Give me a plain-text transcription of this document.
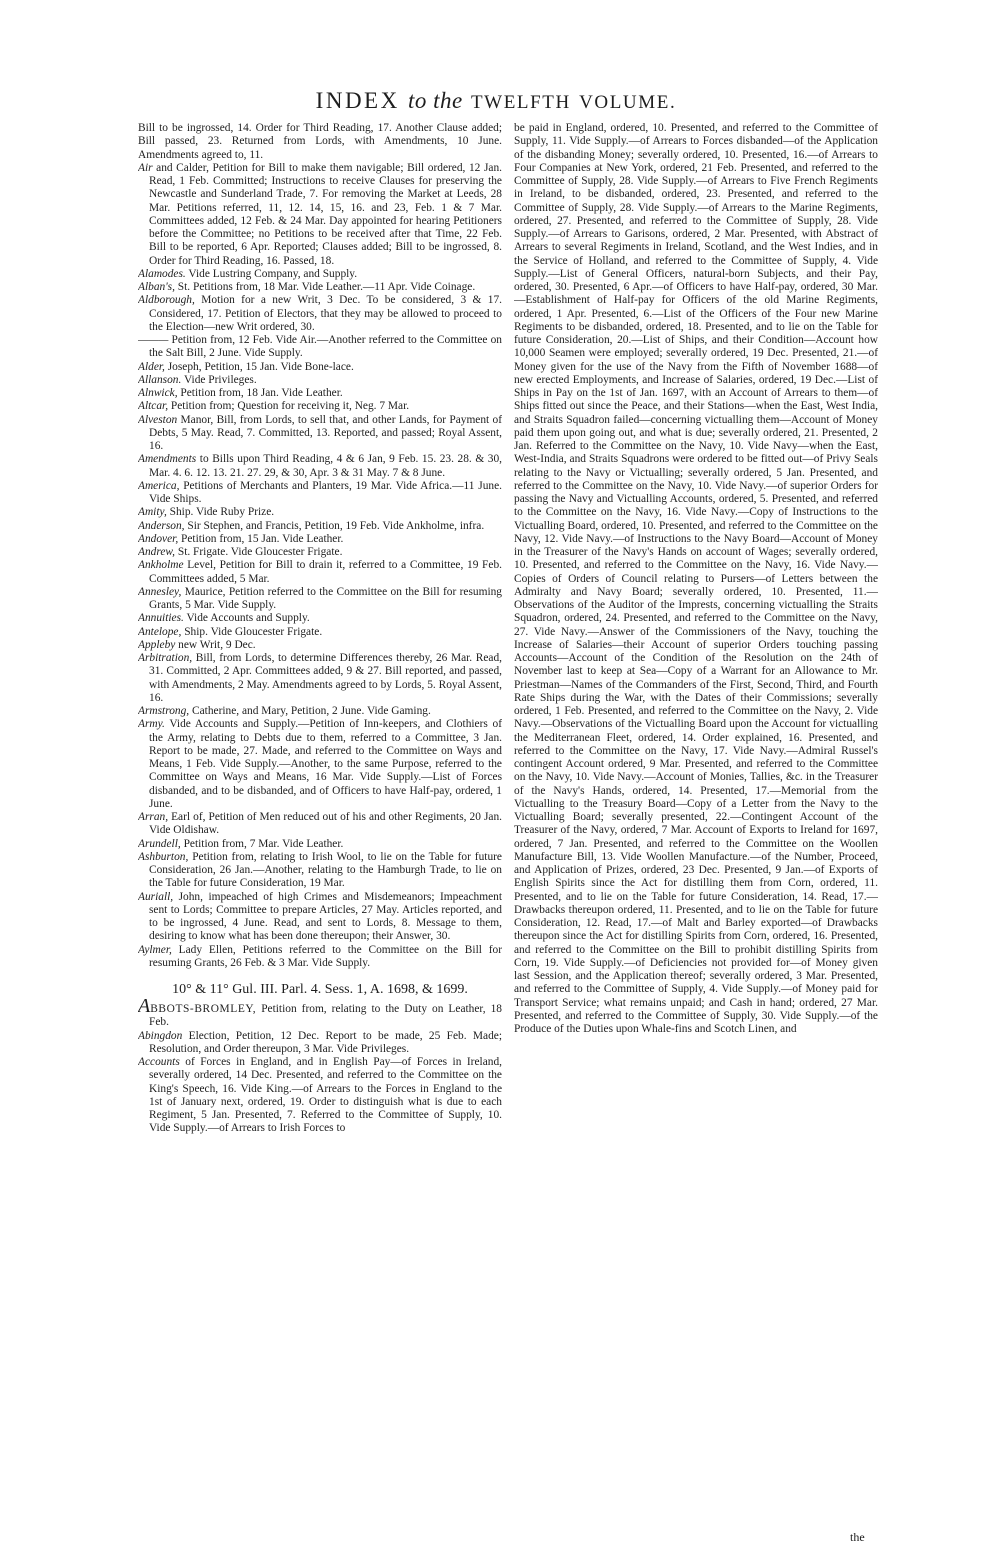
INDEX to the TWELFTH VOLUME.

Bill to be ingrossed, 14. Order for Third Reading, 17. Another Clause added; Bill passed, 23. Returned from Lords, with Amendments, 10 June. Amendments agreed to, 11.

Air and Calder, Petition for Bill to make them navigable; Bill ordered, 12 Jan. Read, 1 Feb. Committed; Instructions to receive Clauses for preserving the Newcastle and Sunderland Trade, 7. For removing the Market at Leeds, 28 Mar. Petitions referred, 11, 12. 14, 15, 16. and 23, Feb. 1 & 7 Mar. Committees added, 12 Feb. & 24 Mar. Day appointed for hearing Petitioners before the Committee; no Petitions to be received after that Time, 22 Feb. Bill to be reported, 6 Apr. Reported; Clauses added; Bill to be ingrossed, 8. Order for Third Reading, 16. Passed, 18.

Alamodes. Vide Lustring Company, and Supply.

Alban's, St. Petitions from, 18 Mar. Vide Leather.—11 Apr. Vide Coinage.

Aldborough, Motion for a new Writ, 3 Dec. To be considered, 3 & 17. Considered, 17. Petition of Electors, that they may be allowed to proceed to the Election—new Writ ordered, 30.

——— Petition from, 12 Feb. Vide Air.—Another referred to the Committee on the Salt Bill, 2 June. Vide Supply.

Alder, Joseph, Petition, 15 Jan. Vide Bone-lace.

Allanson. Vide Privileges.

Alnwick, Petition from, 18 Jan. Vide Leather.

Altcar, Petition from; Question for receiving it, Neg. 7 Mar.

Alveston Manor, Bill, from Lords, to sell that, and other Lands, for Payment of Debts, 5 May. Read, 7. Committed, 13. Reported, and passed; Royal Assent, 16.

Amendments to Bills upon Third Reading, 4 & 6 Jan, 9 Feb. 15. 23. 28. & 30, Mar. 4. 6. 12. 13. 21. 27. 29, & 30, Apr. 3 & 31 May. 7 & 8 June.

America, Petitions of Merchants and Planters, 19 Mar. Vide Africa.—11 June. Vide Ships.

Amity, Ship. Vide Ruby Prize.

Anderson, Sir Stephen, and Francis, Petition, 19 Feb. Vide Ankholme, infra.

Andover, Petition from, 15 Jan. Vide Leather.

Andrew, St. Frigate. Vide Gloucester Frigate.

Ankholme Level, Petition for Bill to drain it, referred to a Committee, 19 Feb. Committees added, 5 Mar.

Annesley, Maurice, Petition referred to the Committee on the Bill for resuming Grants, 5 Mar. Vide Supply.

Annuities. Vide Accounts and Supply.

Antelope, Ship. Vide Gloucester Frigate.

Appleby new Writ, 9 Dec.

Arbitration, Bill, from Lords, to determine Differences thereby, 26 Mar. Read, 31. Committed, 2 Apr. Committees added, 9 & 27. Bill reported, and passed, with Amendments, 2 May. Amendments agreed to by Lords, 5. Royal Assent, 16.

Armstrong, Catherine, and Mary, Petition, 2 June. Vide Gaming.

Army. Vide Accounts and Supply.—Petition of Inn-keepers, and Clothiers of the Army, relating to Debts due to them, referred to a Committee, 3 Jan. Report to be made, 27. Made, and referred to the Committee on Ways and Means, 1 Feb. Vide Supply.—Another, to the same Purpose, referred to the Committee on Ways and Means, 16 Mar. Vide Supply.—List of Forces disbanded, and to be disbanded, and of Officers to have Half-pay, ordered, 1 June.

Arran, Earl of, Petition of Men reduced out of his and other Regiments, 20 Jan. Vide Oldishaw.

Arundell, Petition from, 7 Mar. Vide Leather.

Ashburton, Petition from, relating to Irish Wool, to lie on the Table for future Consideration, 26 Jan.—Another, relating to the Hamburgh Trade, to lie on the Table for future Consideration, 19 Mar.

Auriall, John, impeached of high Crimes and Misdemeanors; Impeachment sent to Lords; Committee to prepare Articles, 27 May. Articles reported, and to be ingrossed, 4 June. Read, and sent to Lords, 8. Message to them, desiring to know what has been done thereupon; their Answer, 30.

Aylmer, Lady Ellen, Petitions referred to the Committee on the Bill for resuming Grants, 26 Feb. & 3 Mar. Vide Supply.

10° & 11° Gul. III. Parl. 4. Sess. 1, A. 1698, & 1699.

ABBOTS-BROMLEY, Petition from, relating to the Duty on Leather, 18 Feb.

Abingdon Election, Petition, 12 Dec. Report to be made, 25 Feb. Made; Resolution, and Order thereupon, 3 Mar. Vide Privileges.

Accounts of Forces in England, and in English Pay—of Forces in Ireland, severally ordered, 14 Dec. Presented, and referred to the Committee on the King's Speech, 16. Vide King.—of Arrears to the Forces in England to the 1st of January next, ordered, 19. Order to distinguish what is due to each Regiment, 5 Jan. Presented, 7. Referred to the Committee of Supply, 10. Vide Supply.—of Arrears to Irish Forces to

be paid in England, ordered, 10. Presented, and referred to the Committee of Supply, 11. Vide Supply.—of Arrears to Forces disbanded—of the Application of the disbanding Money; severally ordered, 10. Presented, 16.—of Arrears to Four Companies at New York, ordered, 21 Feb. Presented, and referred to the Committee of Supply, 28. Vide Supply.—of Arrears to Five French Regiments in Ireland, to be disbanded, ordered, 23. Presented, and referred to the Committee of Supply, 28. Vide Supply.—of Arrears to the Marine Regiments, ordered, 27. Presented, and referred to the Committee of Supply, 28. Vide Supply.—of Arrears to Garisons, ordered, 2 Mar. Presented, with Abstract of Arrears to several Regiments in Ireland, Scotland, and the West Indies, and in the Service of Holland, and referred to the Committee of Supply, 4. Vide Supply.—List of General Officers, natural-born Subjects, and their Pay, ordered, 30. Presented, 6 Apr.—of Officers to have Half-pay, ordered, 30 Mar.—Establishment of Half-pay for Officers of the old Marine Regiments, ordered, 1 Apr. Presented, 6.—List of the Officers of the Four new Marine Regiments to be disbanded, ordered, 18. Presented, and to lie on the Table for future Consideration, 20.—List of Ships, and their Condition—Account how 10,000 Seamen were employed; severally ordered, 19 Dec. Presented, 21.—of Money given for the use of the Navy from the Fifth of November 1688—of new erected Employments, and Increase of Salaries, ordered, 19 Dec.—List of Ships in Pay on the 1st of Jan. 1697, with an Account of Arrears to them—of Ships fitted out since the Peace, and their Stations—when the East, West India, and Straits Squadron failed—concerning victualling them—Account of Money paid them upon going out, and what is due; severally ordered, 21. Presented, 2 Jan. Referred to the Committee on the Navy, 10. Vide Navy—when the East, West-India, and Straits Squadrons were ordered to be fitted out—of Privy Seals relating to the Navy or Victualling; severally ordered, 5 Jan. Presented, and referred to the Committee on the Navy, 10. Vide Navy.—of superior Orders for passing the Navy and Victualling Accounts, ordered, 5. Presented, and referred to the Committee on the Navy, 16. Vide Navy.—Copy of Instructions to the Victualling Board, ordered, 10. Presented, and referred to the Committee on the Navy, 12. Vide Navy.—of Instructions to the Navy Board—Account of Money in the Treasurer of the Navy's Hands on account of Wages; severally ordered, 10. Presented, and referred to the Committee on the Navy, 16. Vide Navy.—Copies of Orders of Council relating to Pursers—of Letters between the Admiralty and Navy Board; severally ordered, 10. Presented, 11.—Observations of the Auditor of the Imprests, concerning victualling the Straits Squadron, ordered, 24. Presented, and referred to the Committee on the Navy, 27. Vide Navy.—Answer of the Commissioners of the Navy, touching the Increase of Salaries—their Account of superior Orders touching passing Accounts—Account of the Condition of the Resolution on the 24th of November last to keep at Sea—Copy of a Warrant for an Allowance to Mr. Priestman—Names of the Commanders of the First, Second, Third, and Fourth Rate Ships during the War, with the Dates of their Commissions; severally ordered, 1 Feb. Presented, and referred to the Committee on the Navy, 2. Vide Navy.—Observations of the Victualling Board upon the Account for victualling the Mediterranean Fleet, ordered, 14. Order explained, 16. Presented, and referred to the Committee on the Navy, 17. Vide Navy.—Admiral Russel's contingent Account ordered, 9 Mar. Presented, and referred to the Committee on the Navy, 10. Vide Navy.—Account of Monies, Tallies, &c. in the Treasurer of the Navy's Hands, ordered, 14. Presented, 17.—Memorial from the Victualling to the Treasury Board—Copy of a Letter from the Navy to the Victualling Board; severally presented, 22.—Contingent Account of the Treasurer of the Navy, ordered, 7 Mar. Account of Exports to Ireland for 1697, ordered, 7 Jan. Presented, and referred to the Committee on the Woollen Manufacture Bill, 13. Vide Woollen Manufacture.—of the Number, Proceed, and Application of Prizes, ordered, 23 Dec. Presented, 9 Jan.—of Exports of English Spirits since the Act for distilling them from Corn, ordered, 11. Presented, and to lie on the Table for future Consideration, 14. Read, 17.—Drawbacks thereupon ordered, 11. Presented, and to lie on the Table for future Consideration, 12. Read, 17.—of Malt and Barley exported—of Drawbacks thereupon since the Act for distilling Spirits from Corn, ordered, 16. Presented, and referred to the Committee on the Bill to prohibit distilling Spirits from Corn, 19. Vide Supply.—of Deficiencies not provided for—of Money given last Session, and the Application thereof; severally ordered, 3 Mar. Presented, and referred to the Committee of Supply, 4. Vide Supply.—of Money paid for Transport Service; what remains unpaid; and Cash in hand; ordered, 27 Mar. Presented, and referred to the Committee of Supply, 30. Vide Supply.—of the Produce of the Duties upon Whale-fins and Scotch Linen, and

the
